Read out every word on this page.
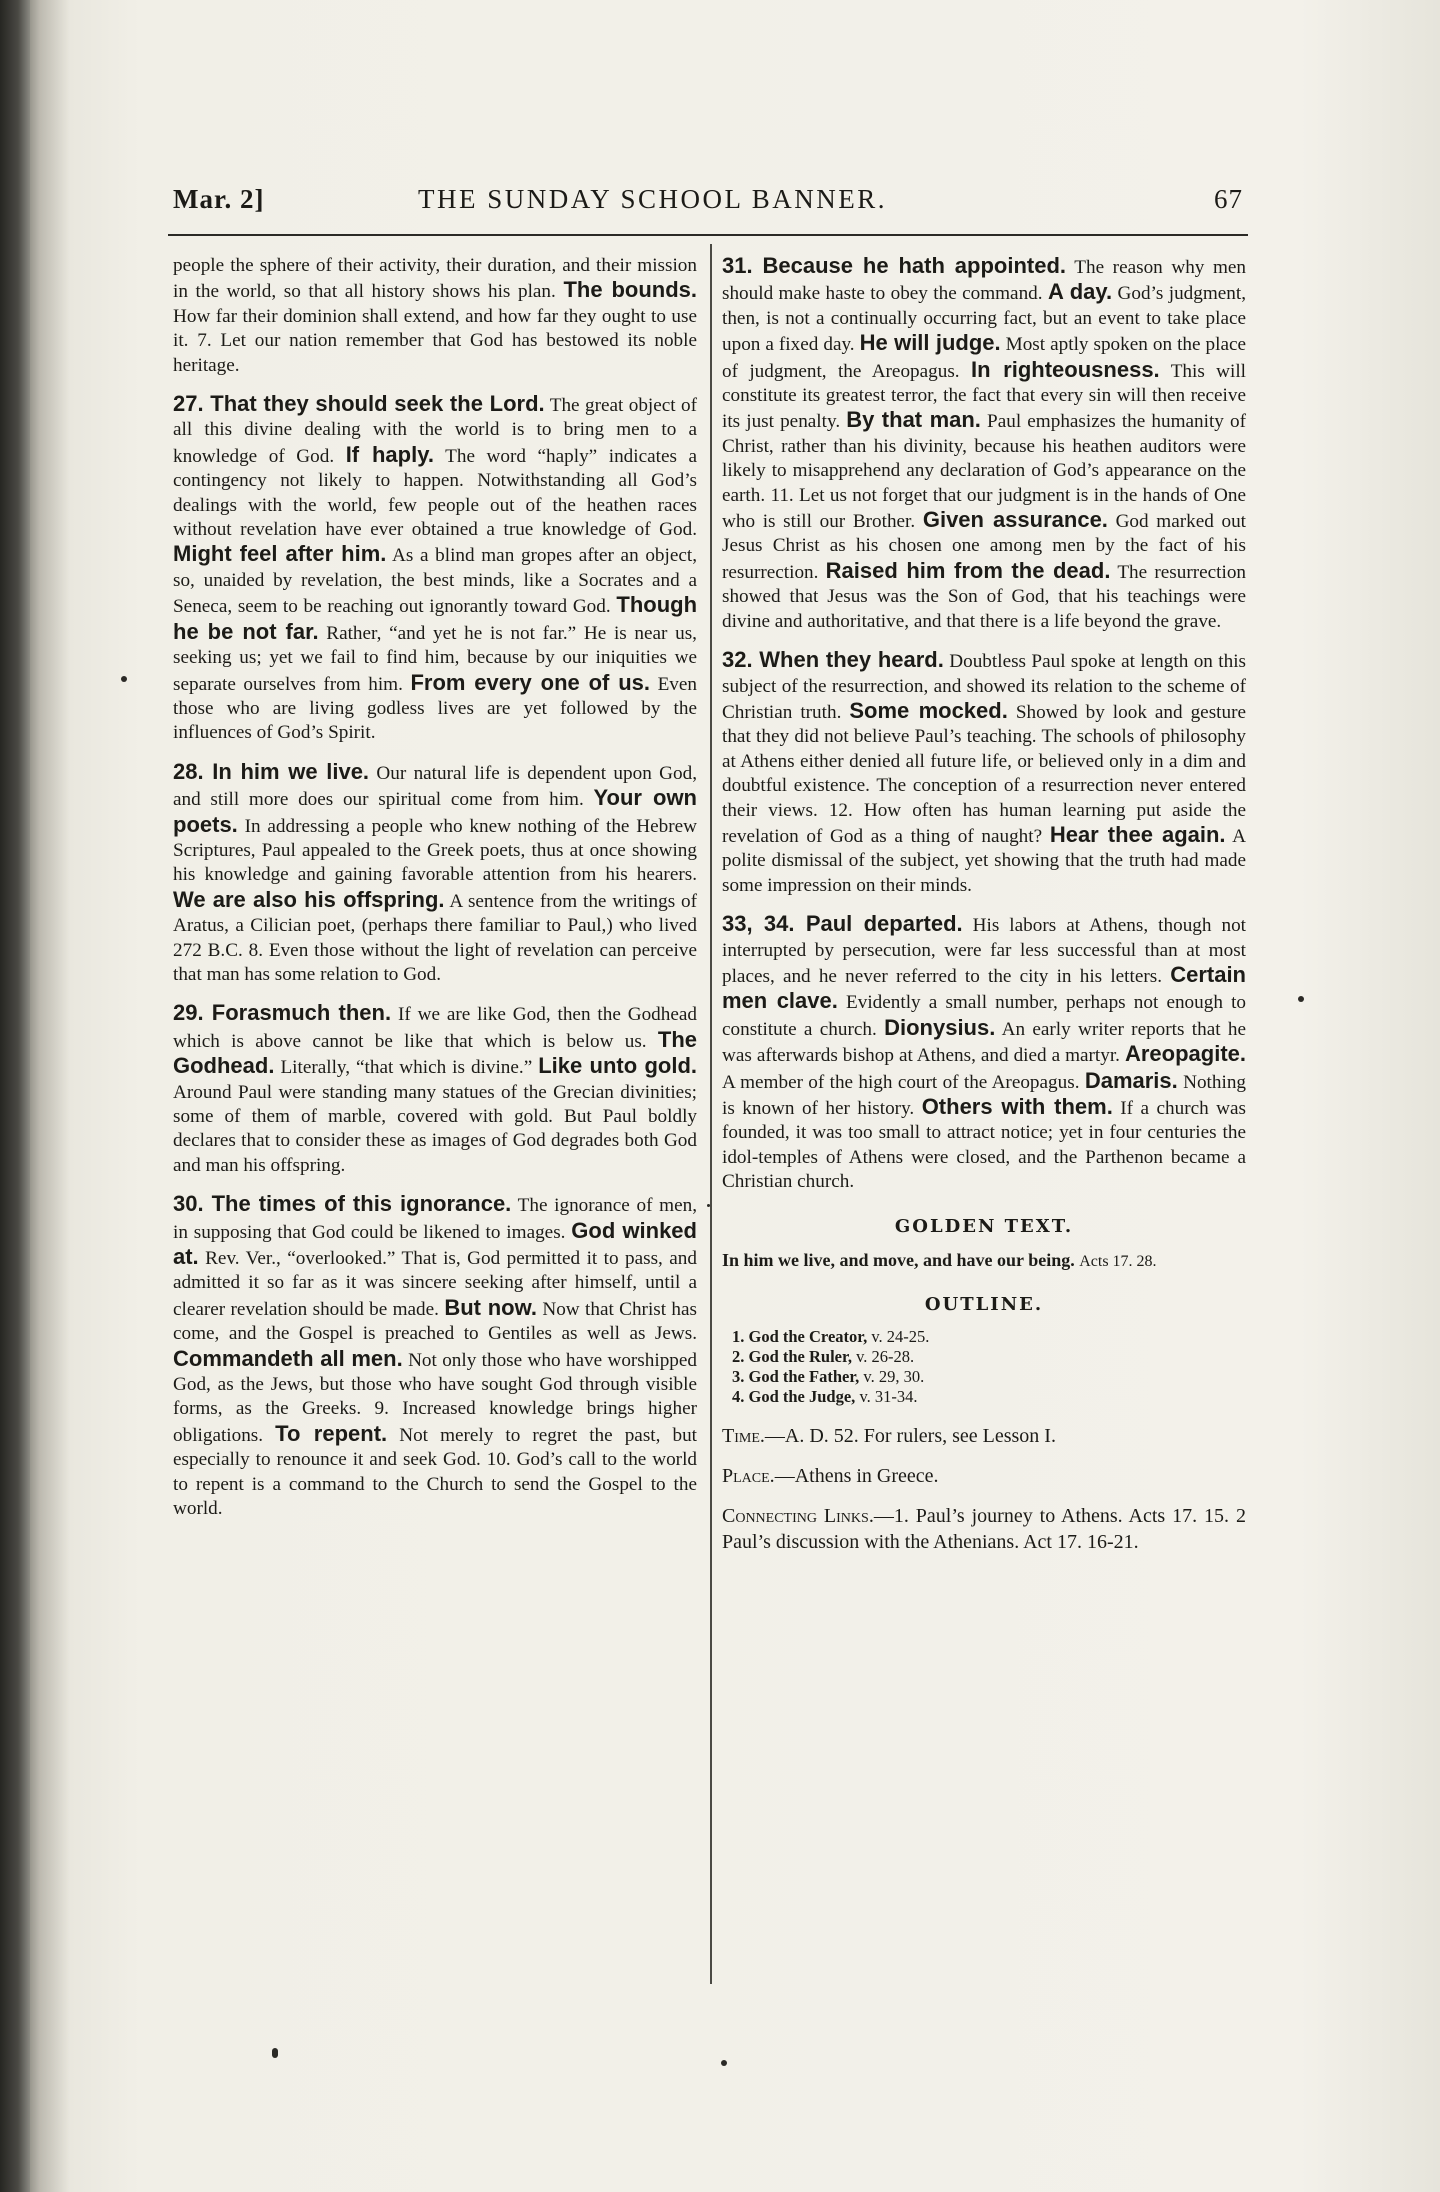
Mar. 2]	THE SUNDAY SCHOOL BANNER.	67

people the sphere of their activity, their duration, and their mission in the world, so that all history shows his plan. The bounds. How far their dominion shall extend, and how far they ought to use it. 7. Let our nation remember that God has bestowed its noble heritage.

27. That they should seek the Lord. The great object of all this divine dealing with the world is to bring men to a knowledge of God. If haply. The word “haply” indicates a contingency not likely to happen. Notwithstanding all God’s dealings with the world, few people out of the heathen races without revelation have ever obtained a true knowledge of God. Might feel after him. As a blind man gropes after an object, so, unaided by revelation, the best minds, like a Socrates and a Seneca, seem to be reaching out ignorantly toward God. Though he be not far. Rather, “and yet he is not far.” He is near us, seeking us; yet we fail to find him, because by our iniquities we separate ourselves from him. From every one of us. Even those who are living godless lives are yet followed by the influences of God’s Spirit.

28. In him we live. Our natural life is dependent upon God, and still more does our spiritual come from him. Your own poets. In addressing a people who knew nothing of the Hebrew Scriptures, Paul appealed to the Greek poets, thus at once showing his knowledge and gaining favorable attention from his hearers. We are also his offspring. A sentence from the writings of Aratus, a Cilician poet, (perhaps there familiar to Paul,) who lived 272 B.C. 8. Even those without the light of revelation can perceive that man has some relation to God.

29. Forasmuch then. If we are like God, then the Godhead which is above cannot be like that which is below us. The Godhead. Literally, “that which is divine.” Like unto gold. Around Paul were standing many statues of the Grecian divinities; some of them of marble, covered with gold. But Paul boldly declares that to consider these as images of God degrades both God and man his offspring.

30. The times of this ignorance. The ignorance of men, in supposing that God could be likened to images. God winked at. Rev. Ver., “overlooked.” That is, God permitted it to pass, and admitted it so far as it was sincere seeking after himself, until a clearer revelation should be made. But now. Now that Christ has come, and the Gospel is preached to Gentiles as well as Jews. Commandeth all men. Not only those who have worshipped God, as the Jews, but those who have sought God through visible forms, as the Greeks. 9. Increased knowledge brings higher obligations. To repent. Not merely to regret the past, but especially to renounce it and seek God. 10. God’s call to the world to repent is a command to the Church to send the Gospel to the world.

31. Because he hath appointed. The reason why men should make haste to obey the command. A day. God’s judgment, then, is not a continually occurring fact, but an event to take place upon a fixed day. He will judge. Most aptly spoken on the place of judgment, the Areopagus. In righteousness. This will constitute its greatest terror, the fact that every sin will then receive its just penalty. By that man. Paul emphasizes the humanity of Christ, rather than his divinity, because his heathen auditors were likely to misapprehend any declaration of God’s appearance on the earth. 11. Let us not forget that our judgment is in the hands of One who is still our Brother. Given assurance. God marked out Jesus Christ as his chosen one among men by the fact of his resurrection. Raised him from the dead. The resurrection showed that Jesus was the Son of God, that his teachings were divine and authoritative, and that there is a life beyond the grave.

32. When they heard. Doubtless Paul spoke at length on this subject of the resurrection, and showed its relation to the scheme of Christian truth. Some mocked. Showed by look and gesture that they did not believe Paul’s teaching. The schools of philosophy at Athens either denied all future life, or believed only in a dim and doubtful existence. The conception of a resurrection never entered their views. 12. How often has human learning put aside the revelation of God as a thing of naught? Hear thee again. A polite dismissal of the subject, yet showing that the truth had made some impression on their minds.

33, 34. Paul departed. His labors at Athens, though not interrupted by persecution, were far less successful than at most places, and he never referred to the city in his letters. Certain men clave. Evidently a small number, perhaps not enough to constitute a church. Dionysius. An early writer reports that he was afterwards bishop at Athens, and died a martyr. Areopagite. A member of the high court of the Areopagus. Damaris. Nothing is known of her history. Others with them. If a church was founded, it was too small to attract notice; yet in four centuries the idol-temples of Athens were closed, and the Parthenon became a Christian church.

GOLDEN TEXT.
In him we live, and move, and have our being. Acts 17. 28.
OUTLINE.
1. God the Creator, v. 24-25.
2. God the Ruler, v. 26-28.
3. God the Father, v. 29, 30.
4. God the Judge, v. 31-34.

Time.—A. D. 52. For rulers, see Lesson I.

Place.—Athens in Greece.

Connecting Links.—1. Paul’s journey to Athens. Acts 17. 15. 2 Paul’s discussion with the Athenians. Act 17. 16-21.
